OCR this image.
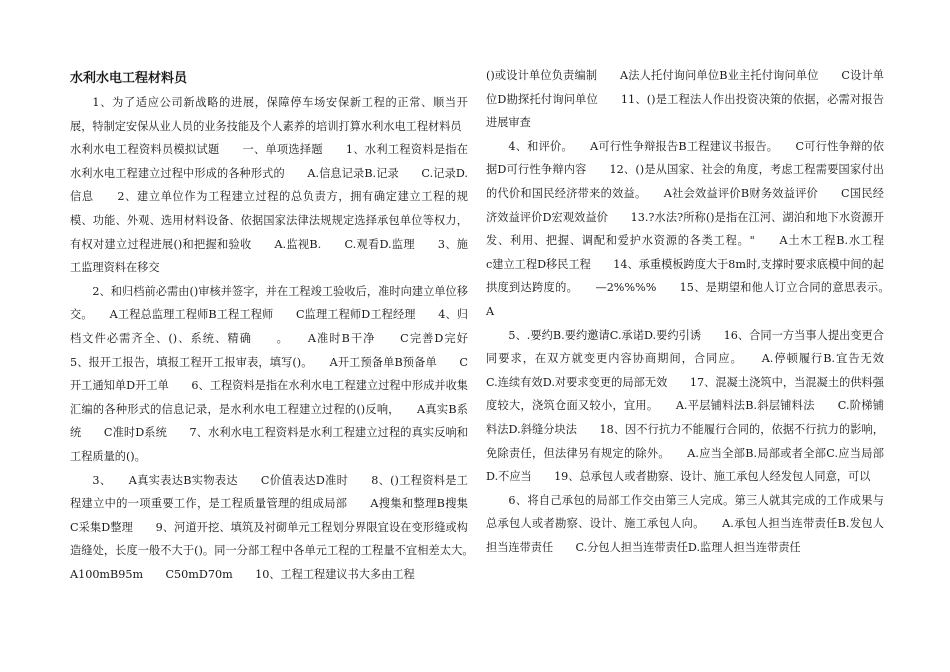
水利水电工程材料员

1、为了适应公司新战略的进展，保障停车场安保新工程的正常、顺当开展，特制定安保从业人员的业务技能及个人素养的培训打算水利水电工程材料员

水利水电工程资料员模拟试题　　一、单项选择题　　1、水利工程资料是指在水利水电工程建立过程中形成的各种形式的　　A.信息记录B.记录　　C.记录D.信息　　2、建立单位作为工程建立过程的总负责方，拥有确定建立工程的规模、功能、外观、选用材料设备、依据国家法律法规规定选择承包单位等权力，有权对建立过程进展()和把握和验收　　A.监视B.　　C.观看D.监理　　3、施工监理资料在移交

2、和归档前必需由()审核并签字，并在工程竣工验收后，准时向建立单位移交。　　A工程总监理工程师B工程工程师　　C监理工程师D工程经理　　4、归档文件必需齐全、()、系统、精确　　。　　A准时B干净　　C完善D完好　　5、报开工报告，填报工程开工报审表，填写()。　　A开工预备单B预备单　　C开工通知单D开工单　　6、工程资料是指在水利水电工程建立过程中形成并收集汇编的各种形式的信息记录，是水利水电工程建立过程的()反响，　　A真实B系统　　C准时D系统　　7、水利水电工程资料是水利工程建立过程的真实反响和工程质量的()。

3、　　A真实表达B实物表达　　C价值表达D准时　　8、()工程资料是工程建立中的一项重要工作，是工程质量管理的组成局部　　A搜集和整理B搜集　　C采集D整理　　9、河道开挖、填筑及衬砌单元工程划分界限宜设在变形缝或构造缝处，长度一般不大于()。同一分部工程中各单元工程的工程量不宜相差太大。　　A100mB95m　　C50mD70m　　10、工程工程建议书大多由工程

()或设计单位负责编制　　A法人托付询问单位B业主托付询问单位　　C设计单位D勘探托付询问单位　　11、()是工程法人作出投资决策的依据，必需对报告进展审查

4、和评价。　　A可行性争辩报告B工程建议书报告。　　C可行性争辩的依据D可行性争辩内容　　12、()是从国家、社会的角度，考虑工程需要国家付出的代价和国民经济带来的效益。　　A社会效益评价B财务效益评价　　C国民经济效益评价D宏观效益价　　13.?水法?所称()是指在江河、湖泊和地下水资源开发、利用、把握、调配和爱护水资源的各类工程。"　　A土木工程B.水工程　　c建立工程D移民工程　　14、承重模板跨度大于8m时,支撑时要求底模中间的起拱度到达跨度的。　　—2%%%%　　15、是期望和他人订立合同的意思表示。　　A

5、.要约B.要约邀请C.承诺D.要约引诱　　16、合同一方当事人提出变更合同要求，在双方就变更内容协商期间，合同应。　　A.停顿履行B.宜告无效　　C.连续有效D.对要求变更的局部无效　　17、混凝土浇筑中，当混凝土的供料强度较大，浇筑仓面又较小，宜用。　　A.平层铺料法B.斜层铺料法　　C.阶梯铺料法D.斜缝分块法　　18、因不行抗力不能履行合同的，依据不行抗力的影响，免除责任，但法律另有规定的除外。　　A.应当全部B.局部或者全部C.应当局部D.不应当　　19、总承包人或者勘察、设计、施工承包人经发包人同意，可以

6、将自己承包的局部工作交由第三人完成。第三人就其完成的工作成果与总承包人或者勘察、设计、施工承包人向。　　A.承包人担当连带责任B.发包人担当连带责任　　C.分包人担当连带责任D.监理人担当连带责任
